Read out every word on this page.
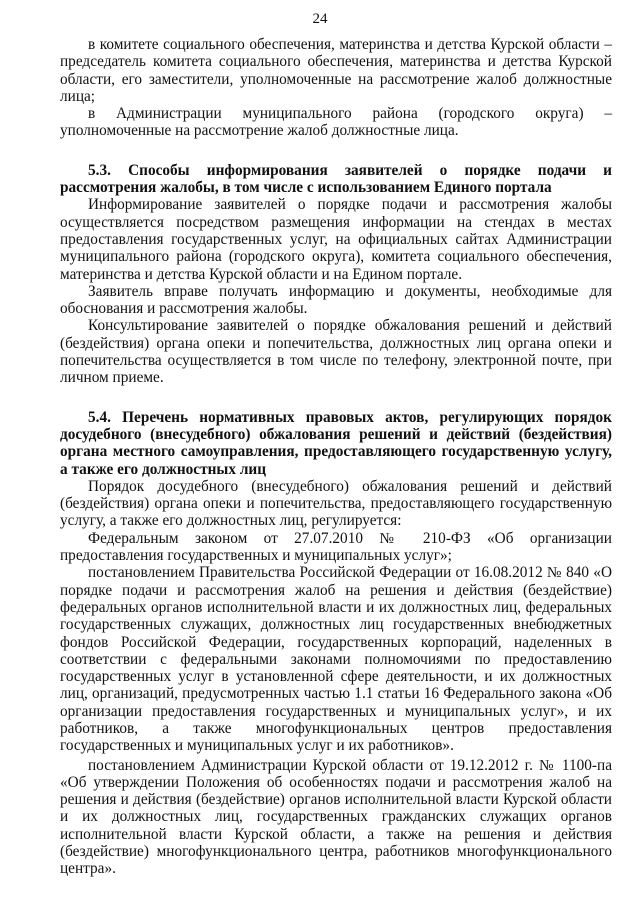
24

в комитете социального обеспечения, материнства и детства Курской области – председатель комитета социального обеспечения, материнства и детства Курской области, его заместители, уполномоченные на рассмотрение жалоб должностные лица;

в Администрации муниципального района (городского округа) – уполномоченные на рассмотрение жалоб должностные лица.

5.3. Способы информирования заявителей о порядке подачи и рассмотрения жалобы, в том числе с использованием Единого портала

Информирование заявителей о порядке подачи и рассмотрения жалобы осуществляется посредством размещения информации на стендах в местах предоставления государственных услуг, на официальных сайтах Администрации муниципального района (городского округа), комитета социального обеспечения, материнства и детства Курской области и на Едином портале.

Заявитель вправе получать информацию и документы, необходимые для обоснования и рассмотрения жалобы.

Консультирование заявителей о порядке обжалования решений и действий (бездействия) органа опеки и попечительства, должностных лиц органа опеки и попечительства осуществляется в том числе по телефону, электронной почте, при личном приеме.

5.4. Перечень нормативных правовых актов, регулирующих порядок досудебного (внесудебного) обжалования решений и действий (бездействия) органа местного самоуправления, предоставляющего государственную услугу, а также его должностных лиц

Порядок досудебного (внесудебного) обжалования решений и действий (бездействия) органа опеки и попечительства, предоставляющего государственную услугу, а также его должностных лиц, регулируется:

Федеральным законом от 27.07.2010 № 210-ФЗ «Об организации предоставления государственных и муниципальных услуг»;

постановлением Правительства Российской Федерации от 16.08.2012 № 840 «О порядке подачи и рассмотрения жалоб на решения и действия (бездействие) федеральных органов исполнительной власти и их должностных лиц, федеральных государственных служащих, должностных лиц государственных внебюджетных фондов Российской Федерации, государственных корпораций, наделенных в соответствии с федеральными законами полномочиями по предоставлению государственных услуг в установленной сфере деятельности, и их должностных лиц, организаций, предусмотренных частью 1.1 статьи 16 Федерального закона «Об организации предоставления государственных и муниципальных услуг», и их работников, а также многофункциональных центров предоставления государственных и муниципальных услуг и их работников».

постановлением Администрации Курской области от 19.12.2012 г. № 1100-па «Об утверждении Положения об особенностях подачи и рассмотрения жалоб на решения и действия (бездействие) органов исполнительной власти Курской области и их должностных лиц, государственных гражданских служащих органов исполнительной власти Курской области, а также на решения и действия (бездействие) многофункционального центра, работников многофункционального центра».
